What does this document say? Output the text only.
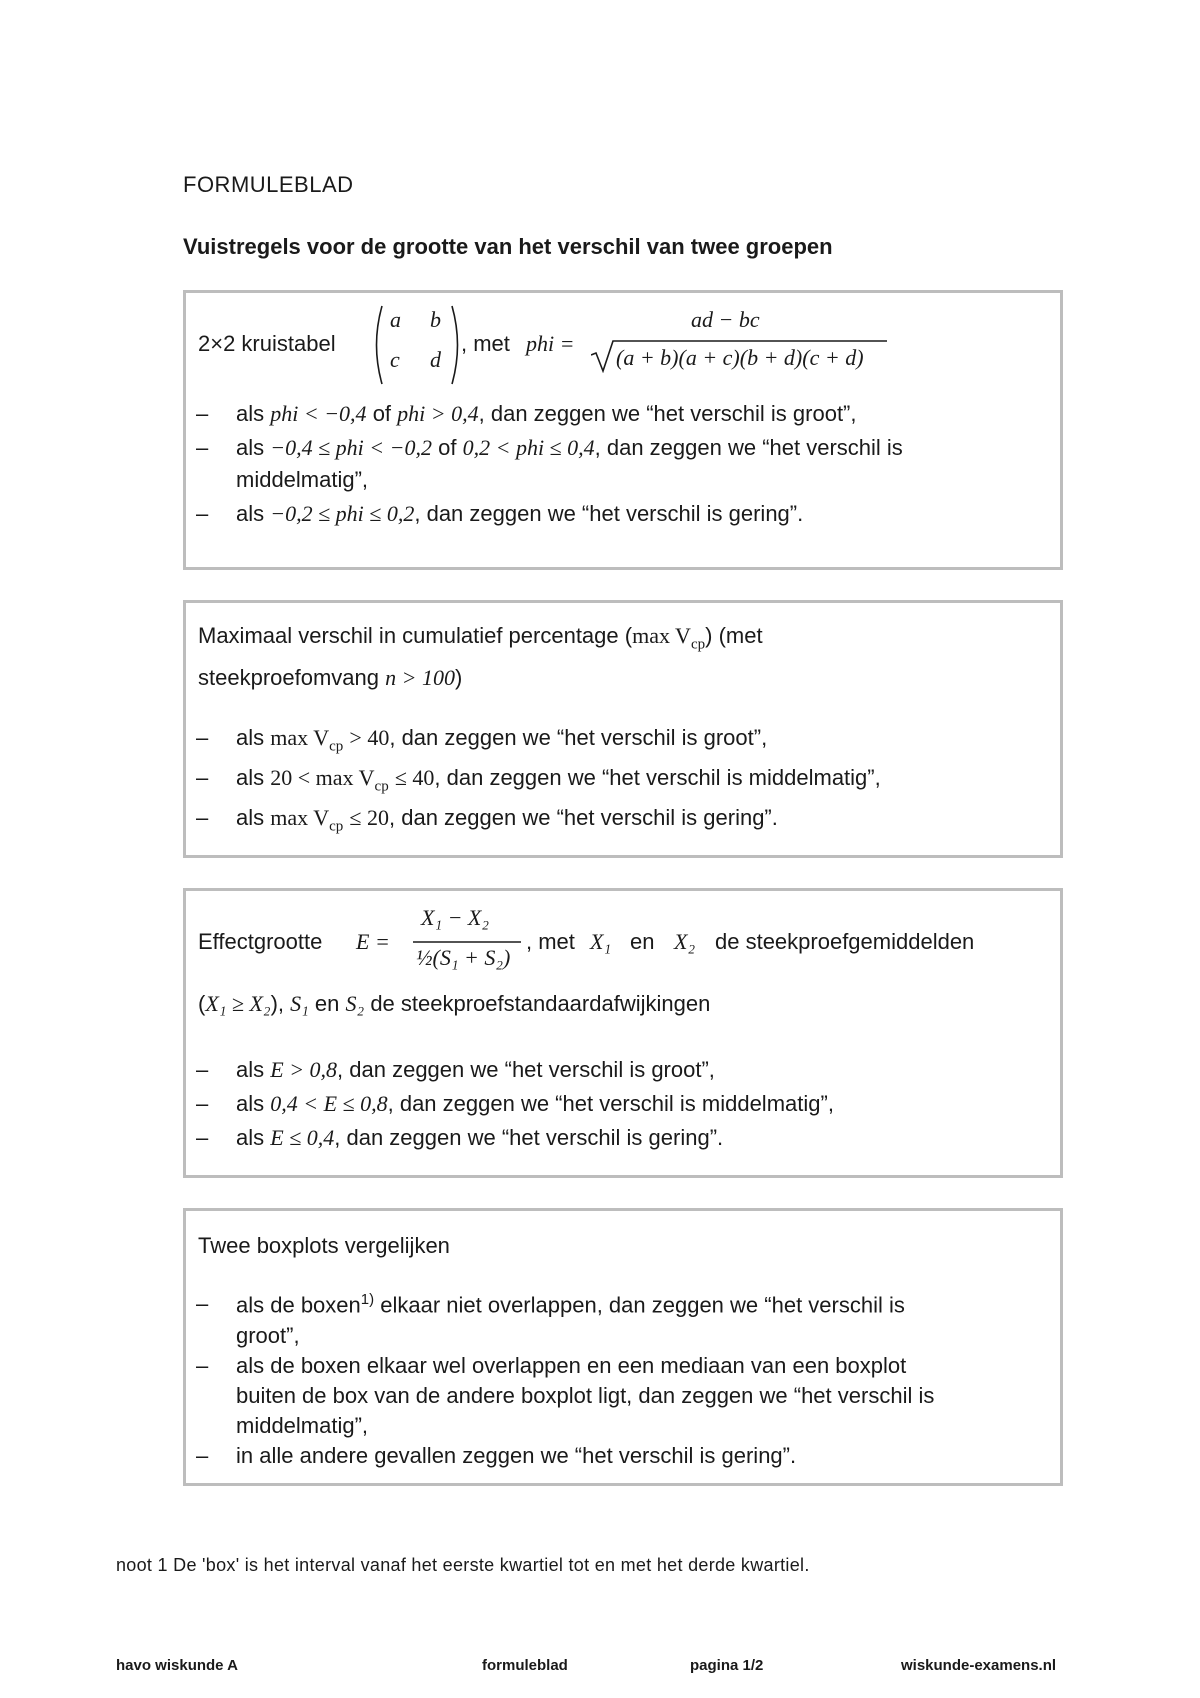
FORMULEBLAD
Vuistregels voor de grootte van het verschil van twee groepen
2×2 kruistabel
a b
c d
, met phi =
ad − bc
(a + b)(a + c)(b + d)(c + d)
– als phi < −0,4 of phi > 0,4, dan zeggen we “het verschil is groot”,
– als −0,4 ≤ phi < −0,2 of 0,2 < phi ≤ 0,4, dan zeggen we “het verschil is
middelmatig”,
– als −0,2 ≤ phi ≤ 0,2, dan zeggen we “het verschil is gering”.
Maximaal verschil in cumulatief percentage (max $V_{cp}$) (met
steekproefomvang n > 100)
– als $\max V_{cp} > 40$, dan zeggen we “het verschil is groot”,
– als $20 < \max V_{cp} \le 40$, dan zeggen we “het verschil is middelmatig”,
– als $\max V_{cp} \le 20$, dan zeggen we “het verschil is gering”.
Effectgrootte E =
X₁ − X₂
½(S₁ + S₂)
, met X₁ en X₂ de steekproefgemiddelden
(X₁ ≥ X₂), S₁ en S₂ de steekproefstandaardafwijkingen
– als E > 0,8, dan zeggen we “het verschil is groot”,
– als 0,4 < E ≤ 0,8, dan zeggen we “het verschil is middelmatig”,
– als E ≤ 0,4, dan zeggen we “het verschil is gering”.
Twee boxplots vergelijken
– als de boxen$^{1)}$ elkaar niet overlappen, dan zeggen we “het verschil is
groot”,
– als de boxen elkaar wel overlappen en een mediaan van een boxplot
buiten de box van de andere boxplot ligt, dan zeggen we “het verschil is
middelmatig”,
– in alle andere gevallen zeggen we “het verschil is gering”.
noot 1 De 'box' is het interval vanaf het eerste kwartiel tot en met het derde kwartiel.
havo wiskunde A	formuleblad	pagina 1/2	wiskunde-examens.nl
